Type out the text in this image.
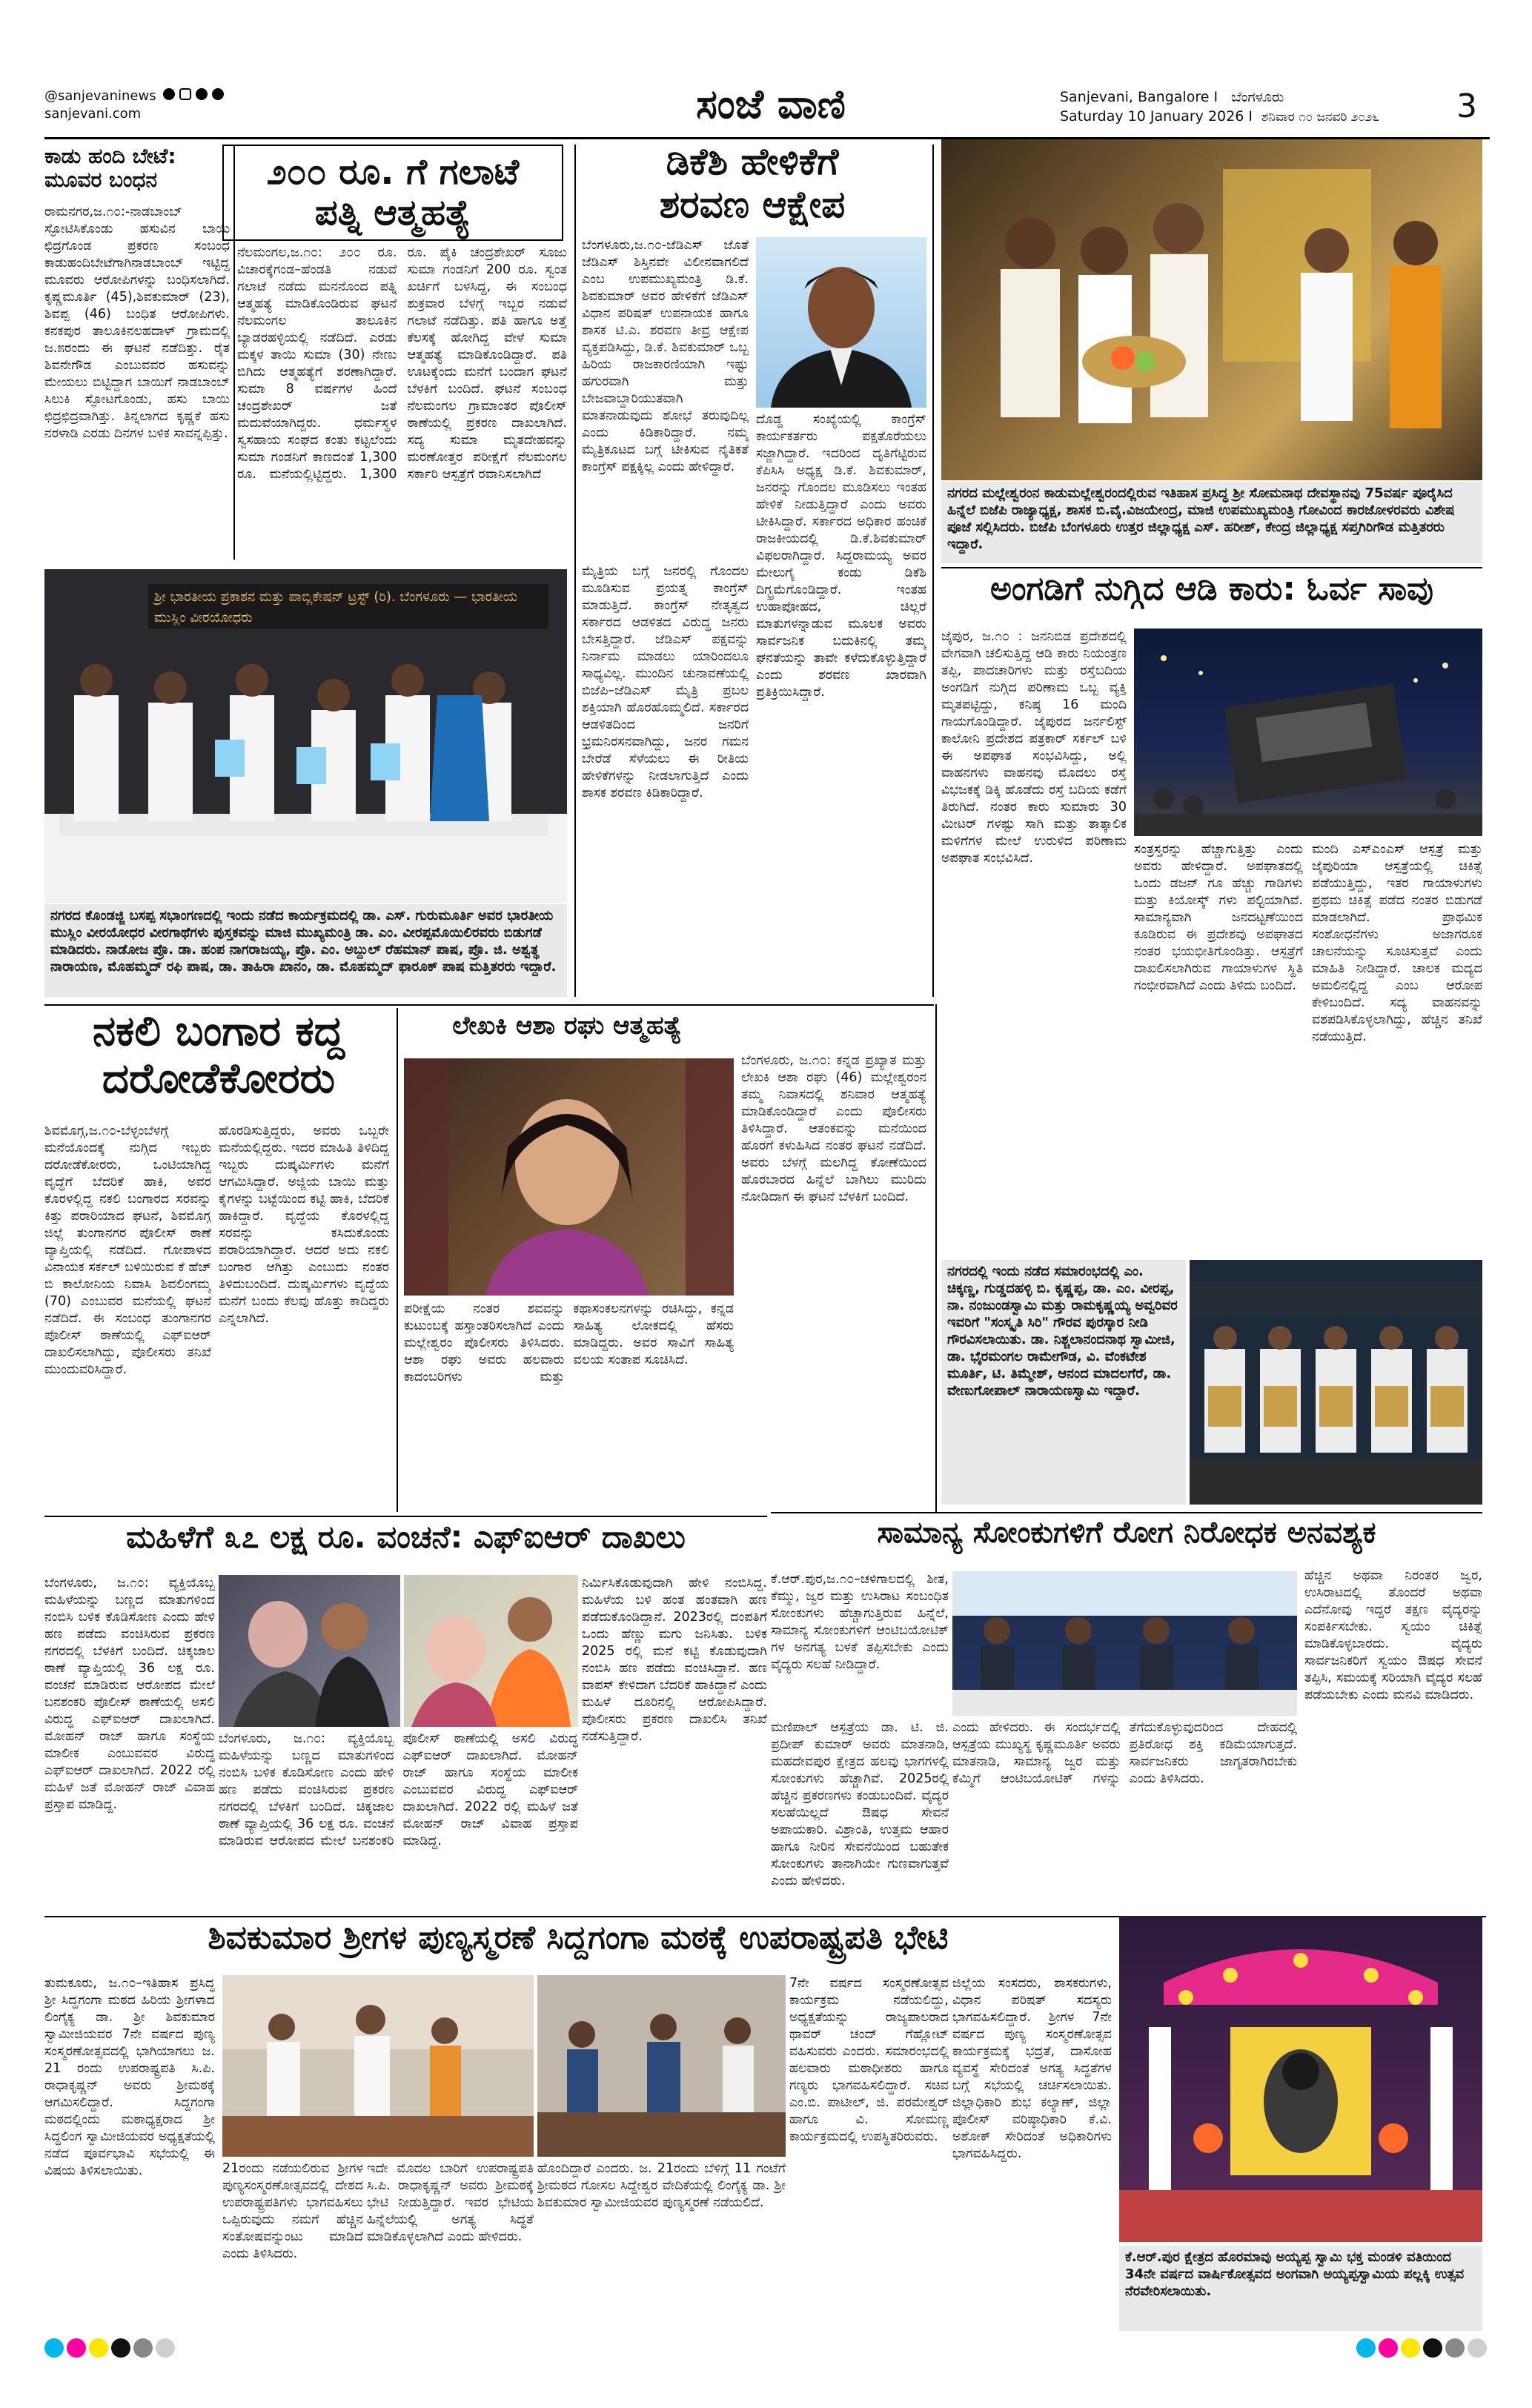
@sanjevaninews
sanjevani.com	ಸಂಜೆ ವಾಣಿ	Sanjevani, Bangalore I   ಬೆಂಗಳೂರು
Saturday 10 January 2026 I  ಶನಿವಾರ ೧೦ ಜನವರಿ ೨೦೨೬ 3
ಕಾಡು ಹಂದಿ ಬೇಟೆ:
ಮೂವರ ಬಂಧನ
ರಾಮನಗರ,ಜ.೧೦:-ನಾಡಬಾಂಬ್ ಸ್ಫೋಟಿಸಿಕೊಂಡು ಹಸುವಿನ ಬಾಯಿ ಛಿದ್ರಗೊಂಡ ಪ್ರಕರಣ ಸಂಬಂಧ ಕಾಡುಹಂದಿಬೇಟೆಗಾಗಿನಾಡಬಾಂಬ್ ಇಟ್ಟಿದ್ದ ಮೂವರು ಆರೋಪಿಗಳನ್ನು ಬಂಧಿಸಲಾಗಿದೆ. ಕೃಷ್ಣಮೂರ್ತಿ (45),ಶಿವಕುಮಾರ್ (23), ಶಿವಪ್ಪ (46) ಬಂಧಿತ ಆರೋಪಿಗಳು. ಕನಕಪುರ ತಾಲೂಕಿನಲಹದಾಳ್ ಗ್ರಾಮದಲ್ಲಿ ಜ.೫ರಂದು ಈ ಘಟನೆ ನಡೆದಿತ್ತು. ರೈತ ಶಿವನೇಗೌಡ ಎಂಬುವವರ ಹಸುವನ್ನು ಮೇಯಲು ಬಿಟ್ಟಿದ್ದಾಗ ಬಾಯಿಗೆ ನಾಡಬಾಂಬ್ ಸಿಲುಕಿ ಸ್ಫೋಟಗೊಂಡು, ಹಸು ಬಾಯಿ ಛಿದ್ರಛಿದ್ರವಾಗಿತ್ತು. ತಿನ್ನಲಾಗದ ಕೃಷ್ಣಕೆ ಹಸು ನರಳಾಡಿ ಎರಡು ದಿನಗಳ ಬಳಿಕ ಸಾವನ್ನಪ್ಪಿತ್ತು.
೨೦೦ ರೂ. ಗೆ ಗಲಾಟೆ
ಪತ್ನಿ ಆತ್ಮಹತ್ಯೆ
ನೆಲಮಂಗಲ,ಜ.೧೦: ೨೦೦ ರೂ. ವಿಚಾರಕ್ಕೆಗಂಡ–ಹೆಂಡತಿ ನಡುವೆ ಗಲಾಟೆ ನಡೆದು ಮನನೊಂದ ಪತ್ನಿ ಆತ್ಮಹತ್ಯೆ ಮಾಡಿಕೊಂಡಿರುವ ಘಟನೆ ನೆಲಮಂಗಲ ತಾಲೂಕಿನ ಬ್ಯಾಡರಹಳ್ಳಿಯಲ್ಲಿ ನಡೆದಿದೆ. ಎರಡು ಮಕ್ಕಳ ತಾಯಿ ಸುಮಾ (30) ನೇಣು ಬಿಗಿದು ಆತ್ಮಹತ್ಯೆಗೆ ಶರಣಾಗಿದ್ದಾರೆ. ಸುಮಾ 8 ವರ್ಷಗಳ ಹಿಂದೆ ಚಂದ್ರಶೇಖರ್ ಜತೆ ಮದುವೆಯಾಗಿದ್ದರು. ಧರ್ಮಸ್ಥಳ ಸ್ವಸಹಾಯ ಸಂಘದ ಕಂತು ಕಟ್ಟಲೆಂದು ಸುಮಾ ಗಂಡನಿಗೆ ಕಾಣದಂತೆ 1,300 ರೂ. ಮನೆಯಲ್ಲಿಟ್ಟಿದ್ದರು. 1,300 ರೂ. ಪೈಕಿ ಚಂದ್ರಶೇಖರ್ ಸೂಜು ಸುಮಾ ಗಂಡನಿಗೆ 200 ರೂ. ಸ್ವಂತ ಖರ್ಚಿಗೆ ಬಳಸಿದ್ದ, ಈ ಸಂಬಂಧ ಶುಕ್ರವಾರ ಬೆಳಗ್ಗೆ ಇಬ್ಬರ ನಡುವೆ ಗಲಾಟೆ ನಡೆದಿತ್ತು. ಪತಿ ಹಾಗೂ ಅತ್ತೆ ಕೆಲಸಕ್ಕೆ ಹೋಗಿದ್ದ ವೇಳೆ ಸುಮಾ ಆತ್ಮಹತ್ಯೆ ಮಾಡಿಕೊಂಡಿದ್ದಾರೆ. ಪತಿ ಊಟಕ್ಕೆಂದು ಮನೆಗೆ ಬಂದಾಗ ಘಟನೆ ಬೆಳಕಿಗೆ ಬಂದಿದೆ. ಘಟನೆ ಸಂಬಂಧ ನೆಲಮಂಗಲ ಗ್ರಾಮಾಂತರ ಪೊಲೀಸ್ ಠಾಣೆಯಲ್ಲಿ ಪ್ರಕರಣ ದಾಖಲಾಗಿದೆ. ಸದ್ಯ ಸುಮಾ ಮೃತದೇಹವನ್ನು ಮರಣೋತ್ತರ ಪರೀಕ್ಷೆಗೆ ನೆಲಮಂಗಲ ಸರ್ಕಾರಿ ಆಸ್ಪತ್ರೆಗೆ ರವಾನಿಸಲಾಗಿದೆ
ಡಿಕೆಶಿ ಹೇಳಿಕೆಗೆ
ಶರವಣ ಆಕ್ಷೇಪ
ಬೆಂಗಳೂರು,ಜ.೧೦-ಜೆಡಿಎಸ್ ಜೊತೆ ಜೆಡಿಎಸ್ ಶಿಸ್ತಿನವೇ ವಿಲೀನವಾಗಲಿದೆ ಎಂಬ ಉಪಮುಖ್ಯಮಂತ್ರಿ ಡಿ.ಕೆ. ಶಿವಕುಮಾರ್ ಅವರ ಹೇಳಿಕೆಗೆ ಜೆಡಿಎಸ್ ವಿಧಾನ ಪರಿಷತ್ ಉಪನಾಯಕ ಹಾಗೂ ಶಾಸಕ ಟಿ.ಎ. ಶರವಣ ತೀವ್ರ ಆಕ್ಷೇಪ ವ್ಯಕ್ತಪಡಿಸಿದ್ದು, ಡಿ.ಕೆ. ಶಿವಕುಮಾರ್ ಒಬ್ಬ ಹಿರಿಯ ರಾಜಕಾರಣಿಯಾಗಿ ಇಷ್ಟು ಹಗುರವಾಗಿ ಮತ್ತು ಬೇಜವಾಬ್ದಾರಿಯುತವಾಗಿ ಮಾತನಾಡುವುದು ಶೋಭೆ ತರುವುದಿಲ್ಲ ಎಂದು ಕಿಡಿಕಾರಿದ್ದಾರೆ. ನಮ್ಮ ಮೈತ್ರಿಕೂಟದ ಬಗ್ಗೆ ಟೀಕಿಸುವ ನೈತಿಕತೆ ಕಾಂಗ್ರೆಸ್ ಪಕ್ಷಕ್ಕಿಲ್ಲ ಎಂದು ಹೇಳಿದ್ದಾರೆ.
ದೊಡ್ಡ ಸಂಖ್ಯೆಯಲ್ಲಿ ಕಾಂಗ್ರೆಸ್ ಕಾರ್ಯಕರ್ತರು ಪಕ್ಷತೊರೆಯಲು ಸಜ್ಜಾಗಿದ್ದಾರೆ. ಇದರಿಂದ ದೃತಿಗೆಟ್ಟಿರುವ ಕೆಪಿಸಿಸಿ ಅಧ್ಯಕ್ಷ ಡಿ.ಕೆ. ಶಿವಕುಮಾರ್, ಜನರನ್ನು ಗೊಂದಲ ಮೂಡಿಸಲು ಇಂತಹ ಹೇಳಿಕೆ ನೀಡುತ್ತಿದ್ದಾರೆ ಎಂದು ಅವರು ಟೀಕಿಸಿದ್ದಾರೆ. ಸರ್ಕಾರದ ಅಧಿಕಾರ ಹಂಚಿಕೆ ರಾಜಕೀಯದಲ್ಲಿ ಡಿ.ಕೆ.ಶಿವಕುಮಾರ್ ವಿಫಲರಾಗಿದ್ದಾರೆ. ಸಿದ್ದರಾಮಯ್ಯ ಅವರ ಮೇಲುಗೈ ಕಂಡು ಡಿಕೆಶಿ ದಿಗ್ಭ್ರಮೆಗೊಂಡಿದ್ದಾರೆ. ಇಂತಹ ಉಹಾಪೋಹದ, ಚಿಲ್ಲರೆ ಮಾತುಗಳನ್ನಾಡುವ ಮೂಲಕ ಅವರು ಸಾರ್ವಜನಿಕ ಬದುಕಿನಲ್ಲಿ ತಮ್ಮ ಘನತೆಯನ್ನು ತಾವೇ ಕಳೆದುಕೊಳ್ಳುತ್ತಿದ್ದಾರೆ ಎಂದು ಶರವಣ ಖಾರವಾಗಿ ಪ್ರತಿಕ್ರಿಯಿಸಿದ್ದಾರೆ.
ಮೈತ್ರಿಯ ಬಗ್ಗೆ ಜನರಲ್ಲಿ ಗೊಂದಲ ಮೂಡಿಸುವ ಪ್ರಯತ್ನ ಕಾಂಗ್ರೆಸ್ ಮಾಡುತ್ತಿದೆ. ಕಾಂಗ್ರೆಸ್ ನೇತೃತ್ವದ ಸರ್ಕಾರದ ಆಡಳಿತದ ವಿರುದ್ಧ ಜನರು ಬೇಸತ್ತಿದ್ದಾರೆ. ಜೆಡಿಎಸ್ ಪಕ್ಷವನ್ನು ನಿರ್ನಾಮ ಮಾಡಲು ಯಾರಿಂದಲೂ ಸಾಧ್ಯವಿಲ್ಲ. ಮುಂದಿನ ಚುನಾವಣೆಯಲ್ಲಿ ಬಿಜೆಪಿ–ಜೆಡಿಎಸ್ ಮೈತ್ರಿ ಪ್ರಬಲ ಶಕ್ತಿಯಾಗಿ ಹೊರಹೊಮ್ಮಲಿದೆ. ಸರ್ಕಾರದ ಆಡಳಿತದಿಂದ ಜನರಿಗೆ ಭ್ರಮನಿರಸನವಾಗಿದ್ದು, ಜನರ ಗಮನ ಬೇರೆಡೆ ಸೆಳೆಯಲು ಈ ರೀತಿಯ ಹೇಳಿಕೆಗಳನ್ನು ನೀಡಲಾಗುತ್ತಿದೆ ಎಂದು ಶಾಸಕ ಶರವಣ ಕಿಡಿಕಾರಿದ್ದಾರೆ.
ನಗರದ ಮಲ್ಲೇಶ್ವರಂನ ಕಾಡುಮಲ್ಲೇಶ್ವರಂದಲ್ಲಿರುವ ಇತಿಹಾಸ ಪ್ರಸಿದ್ಧ ಶ್ರೀ ಸೋಮನಾಥ ದೇವಸ್ಥಾನವು 75ವರ್ಷ ಪೂರೈಸಿದ ಹಿನ್ನೆಲೆ ಬಿಜೆಪಿ ರಾಜ್ಯಾಧ್ಯಕ್ಷ, ಶಾಸಕ ಬಿ.ವೈ.ವಿಜಯೇಂದ್ರ, ಮಾಜಿ ಉಪಮುಖ್ಯಮಂತ್ರಿ ಗೋವಿಂದ ಕಾರಜೋಳರವರು ವಿಶೇಷ ಪೂಜೆ ಸಲ್ಲಿಸಿದರು. ಬಿಜೆಪಿ ಬೆಂಗಳೂರು ಉತ್ತರ ಜಿಲ್ಲಾಧ್ಯಕ್ಷ ಎಸ್. ಹರೀಶ್, ಕೇಂದ್ರ ಜಿಲ್ಲಾಧ್ಯಕ್ಷ ಸಪ್ತಗಿರಿಗೌಡ ಮತ್ತಿತರರು ಇದ್ದಾರೆ.
ಶ್ರೀ ಭಾರತೀಯ ಪ್ರಕಾಶನ ಮತ್ತು ಪಾಬ್ಲಿಕೇಷನ್ ಟ್ರಸ್ಟ್ (ರಿ). ಬೆಂಗಳೂರು — ಭಾರತೀಯ ಮುಸ್ಲಿಂ ವೀರಯೋಧರು
ನಗರದ ಕೊಂಡಜ್ಜಿ ಬಸಪ್ಪ ಸಭಾಂಗಣದಲ್ಲಿ ಇಂದು ನಡೆದ ಕಾರ್ಯಕ್ರಮದಲ್ಲಿ ಡಾ. ಎಸ್. ಗುರುಮೂರ್ತಿ ಅವರ ಭಾರತೀಯ ಮುಸ್ಲಿಂ ವೀರಯೋಧರ ವೀರಗಾಥೆಗಳು ಪುಸ್ತಕವನ್ನು ಮಾಜಿ ಮುಖ್ಯಮಂತ್ರಿ ಡಾ. ಎಂ. ವೀರಪ್ಪಮೊಯಿಲಿರವರು ಬಿಡುಗಡೆ ಮಾಡಿದರು. ನಾಡೋಜ ಪ್ರೊ. ಡಾ. ಹಂಪ ನಾಗರಾಜಯ್ಯ, ಪ್ರೊ. ಎಂ. ಅಬ್ದುಲ್ ರೆಹಮಾನ್ ಪಾಷ, ಪ್ರೊ. ಜಿ. ಅಶ್ವತ್ಥ ನಾರಾಯಣ, ಮೊಹಮ್ಮದ್ ರಫಿ ಪಾಷ, ಡಾ. ತಾಹಿರಾ ಖಾನಂ, ಡಾ. ಮೊಹಮ್ಮದ್ ಫಾರೂಕ್ ಪಾಷ ಮತ್ತಿತರರು ಇದ್ದಾರೆ.
ಅಂಗಡಿಗೆ ನುಗ್ಗಿದ ಆಡಿ ಕಾರು: ಓರ್ವ ಸಾವು
ಜೈಪುರ, ಜ.೧೦ : ಜನನಿಬಿಡ ಪ್ರದೇಶದಲ್ಲಿ ವೇಗವಾಗಿ ಚಲಿಸುತ್ತಿದ್ದ ಆಡಿ ಕಾರು ನಿಯಂತ್ರಣ ತಪ್ಪಿ, ಪಾದಚಾರಿಗಳು ಮತ್ತು ರಸ್ತೆಬದಿಯ ಅಂಗಡಿಗೆ ನುಗ್ಗಿದ ಪರಿಣಾಮ ಒಬ್ಬ ವ್ಯಕ್ತಿ ಮೃತಪಟ್ಟಿದ್ದು, ಕನಿಷ್ಠ 16 ಮಂದಿ ಗಾಯಗೊಂಡಿದ್ದಾರೆ. ಜೈಪುರದ ಜರ್ನಲಿಸ್ಟ್ ಕಾಲೋನಿ ಪ್ರದೇಶದ ಪತ್ರಕಾರ್ ಸರ್ಕಲ್ ಬಳಿ ಈ ಅಪಘಾತ ಸಂಭವಿಸಿದ್ದು, ಅಲ್ಲಿ ವಾಹನಗಳು ವಾಹನವು ಮೊದಲು ರಸ್ತೆ ವಿಭಜಕಕ್ಕೆ ಡಿಕ್ಕಿ ಹೊಡೆದು ರಸ್ತೆ ಬದಿಯ ಕಡೆಗೆ ತಿರುಗಿದೆ. ನಂತರ ಕಾರು ಸುಮಾರು 30 ಮೀಟರ್ ಗಳಷ್ಟು ಸಾಗಿ ಮತ್ತು ತಾತ್ಕಾಲಿಕ ಮಳಿಗೆಗಳ ಮೇಲೆ ಉರುಳಿದ ಪರಿಣಾಮ ಅಪಘಾತ ಸಂಭವಿಸಿದೆ.
ಸಂತ್ರಸ್ತರನ್ನು ಹೆಚ್ಚಾಗುತ್ತಿತ್ತು ಎಂದು ಅವರು ಹೇಳಿದ್ದಾರೆ. ಅಪಘಾತದಲ್ಲಿ ಒಂದು ಡಜನ್ ಗೂ ಹೆಚ್ಚು ಗಾಡಿಗಳು ಮತ್ತು ಕಿಯೋಸ್ಕ್ ಗಳು ಪಲ್ಟಿಯಾಗಿವೆ. ಸಾಮಾನ್ಯವಾಗಿ ಜನದಟ್ಟಣೆಯಿಂದ ಕೂಡಿರುವ ಈ ಪ್ರದೇಶವು ಅಪಘಾತದ ನಂತರ ಭಯಭೀತಿಗೊಂಡಿತ್ತು. ಆಸ್ಪತ್ರೆಗೆ ದಾಖಲಿಸಲಾಗಿರುವ ಗಾಯಾಳುಗಳ ಸ್ಥಿತಿ ಗಂಭೀರವಾಗಿದೆ ಎಂದು ತಿಳಿದು ಬಂದಿದೆ.
ಮಂದಿ ಎಸ್ಎಂಎಸ್ ಆಸ್ಪತ್ರೆ ಮತ್ತು ಜೈಪುರಿಯಾ ಆಸ್ಪತ್ರೆಯಲ್ಲಿ ಚಿಕಿತ್ಸೆ ಪಡೆಯುತ್ತಿದ್ದು, ಇತರ ಗಾಯಾಳುಗಳು ಪ್ರಥಮ ಚಿಕಿತ್ಸೆ ಪಡೆದ ನಂತರ ಬಿಡುಗಡೆ ಮಾಡಲಾಗಿದೆ. ಪ್ರಾಥಮಿಕ ಸಂಶೋಧನೆಗಳು ಅಜಾಗರೂಕ ಚಾಲನೆಯನ್ನು ಸೂಚಿಸುತ್ತವೆ ಎಂದು ಮಾಹಿತಿ ನೀಡಿದ್ದಾರೆ. ಚಾಲಕ ಮದ್ಯದ ಅಮಲಿನಲ್ಲಿದ್ದ ಎಂಬ ಆರೋಪ ಕೇಳಿಬಂದಿದೆ. ಸದ್ಯ ವಾಹನವನ್ನು ವಶಪಡಿಸಿಕೊಳ್ಳಲಾಗಿದ್ದು, ಹೆಚ್ಚಿನ ತನಿಖೆ ನಡೆಯುತ್ತಿದೆ.
ನಕಲಿ ಬಂಗಾರ ಕದ್ದ
ದರೋಡೆಕೋರರು
ಶಿವಮೊಗ್ಗ,ಜ.೧೦-ಬೆಳ್ಳಂಬೆಳಗ್ಗೆ ಮನೆಯೊಂದಕ್ಕೆ ನುಗ್ಗಿದ ಇಬ್ಬರು ದರೋಡೆಕೋರರು, ಒಂಟಿಯಾಗಿದ್ದ ವೃದ್ಧೆಗೆ ಬೆದರಿಕೆ ಹಾಕಿ, ಅವರ ಕೊರಳಲ್ಲಿದ್ದ ನಕಲಿ ಬಂಗಾರದ ಸರವನ್ನು ಕಿತ್ತು ಪರಾರಿಯಾದ ಘಟನೆ, ಶಿವಮೊಗ್ಗ ಜಿಲ್ಲೆ ತುಂಗಾನಗರ ಪೊಲೀಸ್ ಠಾಣೆ ವ್ಯಾಪ್ತಿಯಲ್ಲಿ ನಡೆದಿದೆ. ಗೋಪಾಳದ ವಿನಾಯಕ ಸರ್ಕಲ್ ಬಳಿಯಿರುವ ಕೆ ಹೆಚ್ ಬಿ ಕಾಲೋನಿಯ ನಿವಾಸಿ ಶಿವಲಿಂಗಮ್ಮ (70) ಎಂಬುವರ ಮನೆಯಲ್ಲಿ ಘಟನೆ ನಡೆದಿದೆ. ಈ ಸಂಬಂಧ ತುಂಗಾನಗರ ಪೊಲೀಸ್ ಠಾಣೆಯಲ್ಲಿ ಎಫ್ಐಆರ್ ದಾಖಲಿಸಲಾಗಿದ್ದು, ಪೊಲೀಸರು ತನಿಖೆ ಮುಂದುವರಿಸಿದ್ದಾರೆ.
ಹೊರಡಿಸುತ್ತಿದ್ದರು, ಅವರು ಒಬ್ಬರೇ ಮನೆಯಲ್ಲಿದ್ದರು. ಇದರ ಮಾಹಿತಿ ತಿಳಿದಿದ್ದ ಇಬ್ಬರು ದುಷ್ಕರ್ಮಿಗಳು ಮನೆಗೆ ಆಗಮಿಸಿದ್ದಾರೆ. ಅಜ್ಜಿಯ ಬಾಯಿ ಮತ್ತು ಕೈಗಳನ್ನು ಬಟ್ಟೆಯಿಂದ ಕಟ್ಟಿ ಹಾಕಿ, ಬೆದರಿಕೆ ಹಾಕಿದ್ದಾರೆ. ವೃದ್ಧೆಯ ಕೊರಳಲ್ಲಿದ್ದ ಸರವನ್ನು ಕಸಿದುಕೊಂಡು ಪರಾರಿಯಾಗಿದ್ದಾರೆ. ಆದರೆ ಅದು ನಕಲಿ ಬಂಗಾರ ಆಗಿತ್ತು ಎಂಬುದು ನಂತರ ತಿಳಿದುಬಂದಿದೆ. ದುಷ್ಕರ್ಮಿಗಳು ವೃದ್ಧೆಯ ಮನೆಗೆ ಬಂದು ಕೆಲವು ಹೊತ್ತು ಕಾದಿದ್ದರು ಎನ್ನಲಾಗಿದೆ.
ಲೇಖಕಿ ಆಶಾ ರಘು ಆತ್ಮಹತ್ಯೆ
ಬೆಂಗಳೂರು, ಜ.೧೦: ಕನ್ನಡ ಪ್ರಖ್ಯಾತ ಮತ್ತು ಲೇಖಕಿ ಆಶಾ ರಘು (46) ಮಲ್ಲೇಶ್ವರಂನ ತಮ್ಮ ನಿವಾಸದಲ್ಲಿ ಶನಿವಾರ ಆತ್ಮಹತ್ಯೆ ಮಾಡಿಕೊಂಡಿದ್ದಾರೆ ಎಂದು ಪೊಲೀಸರು ತಿಳಿಸಿದ್ದಾರೆ. ಆತಂಕವನ್ನು ಮನೆಯಿಂದ ಹೊರಗೆ ಕಳುಹಿಸಿದ ನಂತರ ಘಟನೆ ನಡೆದಿದೆ. ಅವರು ಬೆಳಗ್ಗೆ ಮಲಗಿದ್ದ ಕೋಣೆಯಿಂದ ಹೊರಬಾರದ ಹಿನ್ನೆಲೆ ಬಾಗಿಲು ಮುರಿದು ನೋಡಿದಾಗ ಈ ಘಟನೆ ಬೆಳಕಿಗೆ ಬಂದಿದೆ.
ಪರೀಕ್ಷೆಯ ನಂತರ ಶವವನ್ನು ಕುಟುಂಬಕ್ಕೆ ಹಸ್ತಾಂತರಿಸಲಾಗಿದೆ ಎಂದು ಮಲ್ಲೇಶ್ವರಂ ಪೊಲೀಸರು ತಿಳಿಸಿದರು. ಆಶಾ ರಘು ಅವರು ಹಲವಾರು ಕಾದಂಬರಿಗಳು ಮತ್ತು ಕಥಾಸಂಕಲನಗಳನ್ನು ರಚಿಸಿದ್ದು, ಕನ್ನಡ ಸಾಹಿತ್ಯ ಲೋಕದಲ್ಲಿ ಹೆಸರು ಮಾಡಿದ್ದರು. ಅವರ ಸಾವಿಗೆ ಸಾಹಿತ್ಯ ವಲಯ ಸಂತಾಪ ಸೂಚಿಸಿದೆ.
ನಗರದಲ್ಲಿ ಇಂದು ನಡೆದ ಸಮಾರಂಭದಲ್ಲಿ ಎಂ. ಚಿಕ್ಕಣ್ಣ, ಗುಡ್ಡದಹಳ್ಳಿ ಬಿ. ಕೃಷ್ಣಪ್ಪ, ಡಾ. ಎಂ. ವೀರಪ್ಪ, ನಾ. ನಂಜುಂಡಸ್ವಾಮಿ ಮತ್ತು ರಾಮಕೃಷ್ಣಯ್ಯ ಅವ್ವರಿವರ ಇವರಿಗೆ "ಸಂಸ್ಕೃತಿ ಸಿರಿ" ಗೌರವ ಪುರಸ್ಕಾರ ನೀಡಿ ಗೌರವಿಸಲಾಯಿತು. ಡಾ. ನಿಶ್ಚಲಾನಂದನಾಥ ಸ್ವಾಮೀಜಿ, ಡಾ. ಭೈರಮಂಗಲ ರಾಮೇಗೌಡ, ವಿ. ವೆಂಕಟೇಶ ಮೂರ್ತಿ, ಟಿ. ತಿಮ್ಮೇಶ್, ಆನಂದ ಮಾದಲಗೆರೆ, ಡಾ. ವೇಣುಗೋಪಾಲ್ ನಾರಾಯಣಸ್ವಾಮಿ ಇದ್ದಾರೆ.
ಸಾಮಾನ್ಯ ಸೋಂಕುಗಳಿಗೆ ರೋಗ ನಿರೋಧಕ ಅನವಶ್ಯಕ
ಕೆ.ಆರ್.ಪುರ,ಜ.೧೦–ಚಳಿಗಾಲದಲ್ಲಿ ಶೀತ, ಕೆಮ್ಮು, ಜ್ವರ ಮತ್ತು ಉಸಿರಾಟ ಸಂಬಂಧಿತ ಸೋಂಕುಗಳು ಹೆಚ್ಚಾಗುತ್ತಿರುವ ಹಿನ್ನೆಲೆ, ಸಾಮಾನ್ಯ ಸೋಂಕುಗಳಿಗೆ ಆಂಟಿಬಯೋಟಿಕ್ ಗಳ ಅನಗತ್ಯ ಬಳಕೆ ತಪ್ಪಿಸಬೇಕು ಎಂದು ವೈದ್ಯರು ಸಲಹೆ ನೀಡಿದ್ದಾರೆ.
ಹೆಚ್ಚಿನ ಅಥವಾ ನಿರಂತರ ಜ್ವರ, ಉಸಿರಾಟದಲ್ಲಿ ತೊಂದರೆ ಅಥವಾ ಎದೆನೋವು ಇದ್ದರೆ ತಕ್ಷಣ ವೈದ್ಯರನ್ನು ಸಂಪರ್ಕಿಸಬೇಕು. ಸ್ವಯಂ ಚಿಕಿತ್ಸೆ ಮಾಡಿಕೊಳ್ಳಬಾರದು. ವೈದ್ಯರು ಸಾರ್ವಜನಿಕರಿಗೆ ಸ್ವಯಂ ಔಷಧ ಸೇವನೆ ತಪ್ಪಿಸಿ, ಸಮಯಕ್ಕೆ ಸರಿಯಾಗಿ ವೈದ್ಯರ ಸಲಹೆ ಪಡೆಯಬೇಕು ಎಂದು ಮನವಿ ಮಾಡಿದರು.
ಮಣಿಪಾಲ್ ಆಸ್ಪತ್ರೆಯ ಡಾ. ಟಿ. ಜಿ. ಪ್ರದೀಪ್ ಕುಮಾರ್ ಅವರು ಮಾತನಾಡಿ, ಮಹದೇವಪುರ ಕ್ಷೇತ್ರದ ಹಲವು ಭಾಗಗಳಲ್ಲಿ ಸೋಂಕುಗಳು ಹೆಚ್ಚಾಗಿವೆ. 2025ರಲ್ಲಿ ಹೆಚ್ಚಿನ ಪ್ರಕರಣಗಳು ಕಂಡುಬಂದಿವೆ. ವೈದ್ಯರ ಸಲಹೆಯಿಲ್ಲದೆ ಔಷಧ ಸೇವನೆ ಅಪಾಯಕಾರಿ. ವಿಶ್ರಾಂತಿ, ಉತ್ತಮ ಆಹಾರ ಹಾಗೂ ನೀರಿನ ಸೇವನೆಯಿಂದ ಬಹುತೇಕ ಸೋಂಕುಗಳು ತಾನಾಗಿಯೇ ಗುಣವಾಗುತ್ತವೆ ಎಂದು ಹೇಳಿದರು.
ಎಂದು ಹೇಳಿದರು. ಈ ಸಂದರ್ಭದಲ್ಲಿ ಆಸ್ಪತ್ರೆಯ ಮುಖ್ಯಸ್ಥ ಕೃಷ್ಣಮೂರ್ತಿ ಅವರು ಮಾತನಾಡಿ, ಸಾಮಾನ್ಯ ಜ್ವರ ಮತ್ತು ಕೆಮ್ಮಿಗೆ ಆಂಟಿಬಯೋಟಿಕ್ ಗಳನ್ನು ತೆಗೆದುಕೊಳ್ಳುವುದರಿಂದ ದೇಹದಲ್ಲಿ ಪ್ರತಿರೋಧ ಶಕ್ತಿ ಕಡಿಮೆಯಾಗುತ್ತದೆ. ಸಾರ್ವಜನಿಕರು ಜಾಗೃತರಾಗಿರಬೇಕು ಎಂದು ತಿಳಿಸಿದರು.
ಮಹಿಳೆಗೆ ೩೭ ಲಕ್ಷ ರೂ. ವಂಚನೆ: ಎಫ್‌ಐಆರ್ ದಾಖಲು
ಬೆಂಗಳೂರು, ಜ.೧೦: ವ್ಯಕ್ತಿಯೊಬ್ಬ ಮಹಿಳೆಯನ್ನು ಬಣ್ಣದ ಮಾತುಗಳಿಂದ ನಂಬಿಸಿ ಬಳಿಕ ಕೊಡಿಸೋಣ ಎಂದು ಹೇಳಿ ಹಣ ಪಡೆದು ವಂಚಿಸಿರುವ ಪ್ರಕರಣ ನಗರದಲ್ಲಿ ಬೆಳಕಿಗೆ ಬಂದಿದೆ. ಚಿಕ್ಕಜಾಲ ಠಾಣೆ ವ್ಯಾಪ್ತಿಯಲ್ಲಿ 36 ಲಕ್ಷ ರೂ. ವಂಚನೆ ಮಾಡಿರುವ ಆರೋಪದ ಮೇಲೆ ಬನಶಂಕರಿ ಪೊಲೀಸ್ ಠಾಣೆಯಲ್ಲಿ ಅಸಲಿ ವಿರುದ್ಧ ಎಫ್ಐಆರ್ ದಾಖಲಾಗಿದೆ. ಮೋಹನ್ ರಾಜ್ ಹಾಗೂ ಸಂಸ್ಥೆಯ ಮಾಲೀಕ ಎಂಬುವವರ ವಿರುದ್ಧ ಎಫ್ಐಆರ್ ದಾಖಲಾಗಿದೆ. 2022 ರಲ್ಲಿ ಮಹಿಳೆ ಜತೆ ಮೋಹನ್ ರಾಜ್ ವಿವಾಹ ಪ್ರಸ್ತಾಪ ಮಾಡಿದ್ದ.
ನಿರ್ಮಿಸಿಕೊಡುವುದಾಗಿ ಹೇಳಿ ನಂಬಿಸಿದ್ದ. ಮಹಿಳೆಯ ಬಳಿ ಹಂತ ಹಂತವಾಗಿ ಹಣ ಪಡೆದುಕೊಂಡಿದ್ದಾನೆ. 2023ರಲ್ಲಿ ದಂಪತಿಗೆ ಒಂದು ಹೆಣ್ಣು ಮಗು ಜನಿಸಿತು. ಬಳಿಕ 2025 ರಲ್ಲಿ ಮನೆ ಕಟ್ಟಿ ಕೊಡುವುದಾಗಿ ನಂಬಿಸಿ ಹಣ ಪಡೆದು ವಂಚಿಸಿದ್ದಾನೆ. ಹಣ ವಾಪಸ್ ಕೇಳಿದಾಗ ಬೆದರಿಕೆ ಹಾಕಿದ್ದಾನೆ ಎಂದು ಮಹಿಳೆ ದೂರಿನಲ್ಲಿ ಆರೋಪಿಸಿದ್ದಾರೆ. ಪೊಲೀಸರು ಪ್ರಕರಣ ದಾಖಲಿಸಿ ತನಿಖೆ ನಡೆಸುತ್ತಿದ್ದಾರೆ.
ಬೆಂಗಳೂರು, ಜ.೧೦: ವ್ಯಕ್ತಿಯೊಬ್ಬ ಮಹಿಳೆಯನ್ನು ಬಣ್ಣದ ಮಾತುಗಳಿಂದ ನಂಬಿಸಿ ಬಳಿಕ ಕೊಡಿಸೋಣ ಎಂದು ಹೇಳಿ ಹಣ ಪಡೆದು ವಂಚಿಸಿರುವ ಪ್ರಕರಣ ನಗರದಲ್ಲಿ ಬೆಳಕಿಗೆ ಬಂದಿದೆ. ಚಿಕ್ಕಜಾಲ ಠಾಣೆ ವ್ಯಾಪ್ತಿಯಲ್ಲಿ 36 ಲಕ್ಷ ರೂ. ವಂಚನೆ ಮಾಡಿರುವ ಆರೋಪದ ಮೇಲೆ ಬನಶಂಕರಿ ಪೊಲೀಸ್ ಠಾಣೆಯಲ್ಲಿ ಅಸಲಿ ವಿರುದ್ಧ ಎಫ್ಐಆರ್ ದಾಖಲಾಗಿದೆ. ಮೋಹನ್ ರಾಜ್ ಹಾಗೂ ಸಂಸ್ಥೆಯ ಮಾಲೀಕ ಎಂಬುವವರ ವಿರುದ್ಧ ಎಫ್ಐಆರ್ ದಾಖಲಾಗಿದೆ. 2022 ರಲ್ಲಿ ಮಹಿಳೆ ಜತೆ ಮೋಹನ್ ರಾಜ್ ವಿವಾಹ ಪ್ರಸ್ತಾಪ ಮಾಡಿದ್ದ.
ಶಿವಕುಮಾರ ಶ್ರೀಗಳ ಪುಣ್ಯಸ್ಮರಣೆ ಸಿದ್ದಗಂಗಾ ಮಠಕ್ಕೆ ಉಪರಾಷ್ಟ್ರಪತಿ ಭೇಟಿ
ತುಮಕೂರು, ಜ.೧೦–ಇತಿಹಾಸ ಪ್ರಸಿದ್ಧ ಶ್ರೀ ಸಿದ್ದಗಂಗಾ ಮಠದ ಹಿರಿಯ ಶ್ರೀಗಳಾದ ಲಿಂಗೈಕ್ಯ ಡಾ. ಶ್ರೀ ಶಿವಕುಮಾರ ಸ್ವಾಮೀಜಿಯವರ 7ನೇ ವರ್ಷದ ಪುಣ್ಯ ಸಂಸ್ಮರಣೋತ್ಸವದಲ್ಲಿ ಭಾಗಿಯಾಗಲು ಜ. 21 ರಂದು ಉಪರಾಷ್ಟ್ರಪತಿ ಸಿ.ಪಿ. ರಾಧಾಕೃಷ್ಣನ್ ಅವರು ಶ್ರೀಮಠಕ್ಕೆ ಆಗಮಿಸಲಿದ್ದಾರೆ. ಸಿದ್ದಗಂಗಾ ಮಠದಲ್ಲಿಂದು ಮಠಾಧ್ಯಕ್ಷರಾದ ಶ್ರೀ ಸಿದ್ಧಲಿಂಗ ಸ್ವಾಮೀಜಿಯವರ ಅಧ್ಯಕ್ಷತೆಯಲ್ಲಿ ನಡೆದ ಪೂರ್ವಭಾವಿ ಸಭೆಯಲ್ಲಿ ಈ ವಿಷಯ ತಿಳಿಸಲಾಯಿತು.	21ರಂದು ನಡೆಯಲಿರುವ ಶ್ರೀಗಳ ಪುಣ್ಯಸಂಸ್ಮರಣೋತ್ಸವದಲ್ಲಿ ದೇಶದ ಉಪರಾಷ್ಟ್ರಪತಿಗಳು ಭಾಗವಹಿಸಲು ಒಪ್ಪಿರುವುದು ನಮಗೆ ಹೆಚ್ಚಿನ ಸಂತೋಷವನ್ನುಂಟು ಮಾಡಿದೆ ಎಂದು ತಿಳಿಸಿದರು.
ಇದೇ ಮೊದಲ ಬಾರಿಗೆ ಉಪರಾಷ್ಟ್ರಪತಿ ಸಿ.ಪಿ. ರಾಧಾಕೃಷ್ಣನ್ ಅವರು ಶ್ರೀಮಠಕ್ಕೆ ಭೇಟಿ ನೀಡುತ್ತಿದ್ದಾರೆ. ಇವರ ಭೇಟಿಯ ಹಿನ್ನೆಲೆಯಲ್ಲಿ ಅಗತ್ಯ ಸಿದ್ಧತೆ ಮಾಡಿಕೊಳ್ಳಲಾಗಿದೆ ಎಂದು ಹೇಳಿದರು.
ಹೊಂದಿದ್ದಾರೆ ಎಂದರು. ಜ. 21ರಂದು ಬೆಳಿಗ್ಗೆ 11 ಗಂಟೆಗೆ ಶ್ರೀಮಠದ ಗೋಸಲ ಸಿದ್ದೇಶ್ವರ ವೇದಿಕೆಯಲ್ಲಿ ಲಿಂಗೈಕ್ಯ ಡಾ. ಶ್ರೀ ಶಿವಕುಮಾರ ಸ್ವಾಮೀಜಿಯವರ ಪುಣ್ಯಸ್ಮರಣೆ ನಡೆಯಲಿದೆ.
7ನೇ ವರ್ಷದ ಸಂಸ್ಮರಣೋತ್ಸವ ಕಾರ್ಯಕ್ರಮ ನಡೆಯಲಿದ್ದು, ಅಧ್ಯಕ್ಷತೆಯನ್ನು ರಾಜ್ಯಪಾಲರಾದ ಥಾವರ್ ಚಂದ್ ಗೆಹ್ಲೋಟ್ ವಹಿಸುವರು ಎಂದರು. ಸಮಾರಂಭದಲ್ಲಿ ಹಲವಾರು ಮಠಾಧೀಶರು ಹಾಗೂ ಗಣ್ಯರು ಭಾಗವಹಿಸಲಿದ್ದಾರೆ. ಸಚಿವ ಎಂ.ಬಿ. ಪಾಟೀಲ್, ಜಿ. ಪರಮೇಶ್ವರ್ ಹಾಗೂ ವಿ. ಸೋಮಣ್ಣ ಕಾರ್ಯಕ್ರಮದಲ್ಲಿ ಉಪಸ್ಥಿತರಿರುವರು.
ಜಿಲ್ಲೆಯ ಸಂಸದರು, ಶಾಸಕರುಗಳು, ವಿಧಾನ ಪರಿಷತ್ ಸದಸ್ಯರು ಭಾಗವಹಿಸಲಿದ್ದಾರೆ. ಶ್ರೀಗಳ 7ನೇ ವರ್ಷದ ಪುಣ್ಯ ಸಂಸ್ಮರಣೋತ್ಸವ ಕಾರ್ಯಕ್ರಮಕ್ಕೆ ಭದ್ರತೆ, ದಾಸೋಹ ವ್ಯವಸ್ಥೆ ಸೇರಿದಂತೆ ಅಗತ್ಯ ಸಿದ್ಧತೆಗಳ ಬಗ್ಗೆ ಸಭೆಯಲ್ಲಿ ಚರ್ಚಿಸಲಾಯಿತು. ಜಿಲ್ಲಾಧಿಕಾರಿ ಶುಭ ಕಲ್ಯಾಣ್, ಜಿಲ್ಲಾ ಪೊಲೀಸ್ ವರಿಷ್ಠಾಧಿಕಾರಿ ಕೆ.ವಿ. ಅಶೋಕ್ ಸೇರಿದಂತೆ ಅಧಿಕಾರಿಗಳು ಭಾಗವಹಿಸಿದ್ದರು.
ಕೆ.ಆರ್.ಪುರ ಕ್ಷೇತ್ರದ ಹೊರಮಾವು ಅಯ್ಯಪ್ಪ ಸ್ವಾಮಿ ಭಕ್ತ ಮಂಡಳಿ ವತಿಯಿಂದ 34ನೇ ವರ್ಷದ ವಾರ್ಷಿಕೋತ್ಸವದ ಅಂಗವಾಗಿ ಅಯ್ಯಪ್ಪಸ್ವಾಮಿಯ ಪಲ್ಲಕ್ಕಿ ಉತ್ಸವ ನೆರವೇರಿಸಲಾಯಿತು.
